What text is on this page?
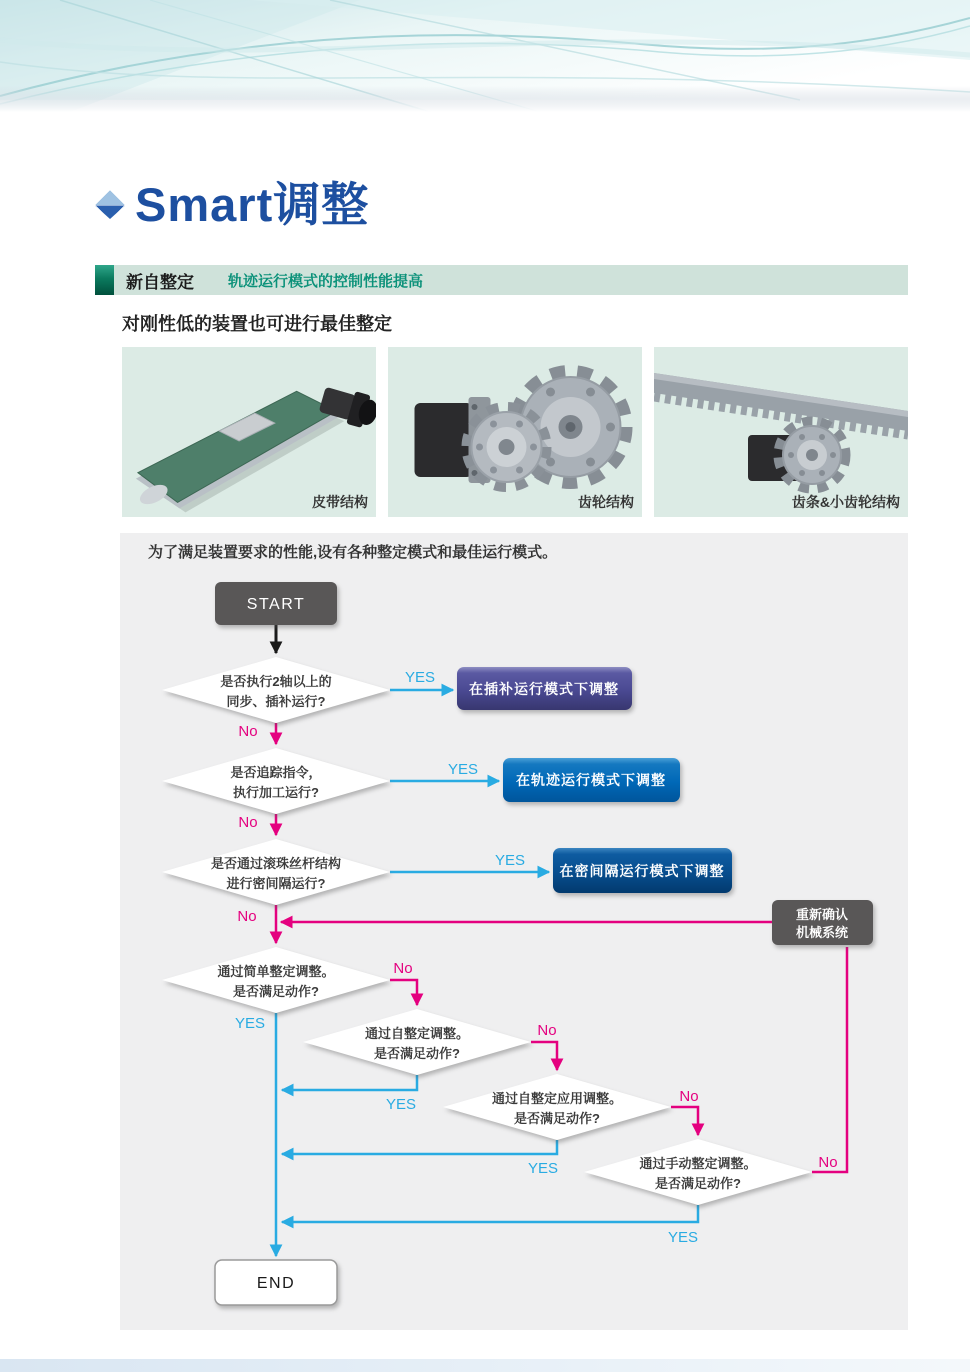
Smart调整
新自整定 轨迹运行模式的控制性能提高
对刚性低的装置也可进行最佳整定
皮带结构	齿轮结构	齿条&小齿轮结构

为了满足装置要求的性能,设有各种整定模式和最佳运行模式。

YES
YES
YES
YES
YES
YES
YES
No
No
No
No
No
No
No
START
是否执行2轴以上的
同步、插补运行?
是否追踪指令，
执行加工运行?
是否通过滚珠丝杆结构
进行密间隔运行?
通过简单整定调整。
是否满足动作?
通过自整定调整。
是否满足动作?
通过自整定应用调整。
是否满足动作?
通过手动整定调整。
是否满足动作?
在插补运行模式下调整
在轨迹运行模式下调整
在密间隔运行模式下调整
重新确认
机械系统
END
